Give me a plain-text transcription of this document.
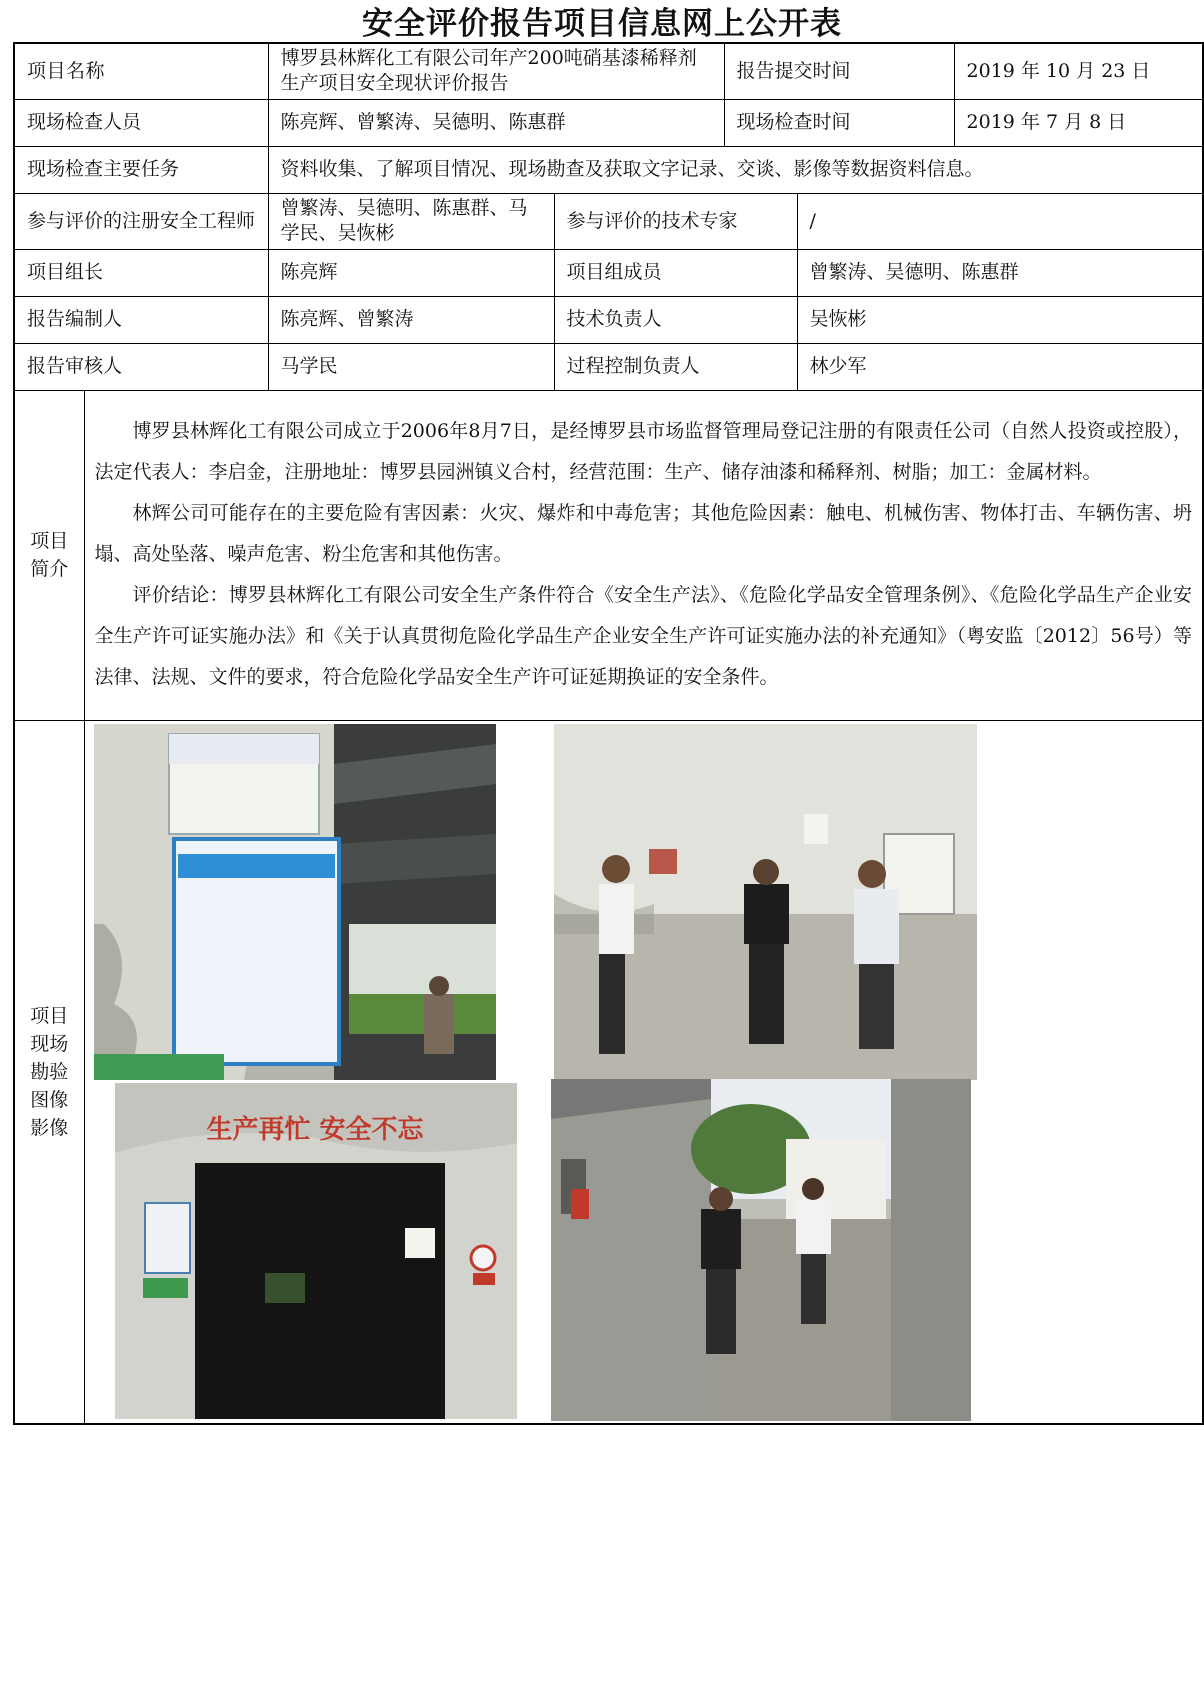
安全评价报告项目信息网上公开表
项目名称		博罗县林辉化工有限公司年产200吨硝基漆稀释剂生产项目安全现状评价报告		报告提交时间		2019 年 10 月 23 日
现场检查人员		陈亮辉、曾繁涛、吴德明、陈惠群		现场检查时间		2019 年 7 月 8 日
现场检查主要任务		资料收集、了解项目情况、现场勘查及获取文字记录、交谈、影像等数据资料信息。				
参与评价的注册安全工程师		曾繁涛、吴德明、陈惠群、马学民、吴恢彬	参与评价的技术专家		/	
项目组长		陈亮辉	项目组成员		曾繁涛、吴德明、陈惠群	
报告编制人		陈亮辉、曾繁涛	技术负责人		吴恢彬	
报告审核人		马学民	过程控制负责人		林少军	
项目简介	博罗县林辉化工有限公司成立于2006年8月7日，是经博罗县市场监督管理局登记注册的有限责任公司（自然人投资或控股），法定代表人：李启金，注册地址：博罗县园洲镇义合村，经营范围：生产、储存油漆和稀释剂、树脂；加工：金属材料。

林辉公司可能存在的主要危险有害因素：火灾、爆炸和中毒危害；其他危险因素：触电、机械伤害、物体打击、车辆伤害、坍塌、高处坠落、噪声危害、粉尘危害和其他伤害。

评价结论：博罗县林辉化工有限公司安全生产条件符合《安全生产法》、《危险化学品安全管理条例》、《危险化学品生产企业安全生产许可证实施办法》和《关于认真贯彻危险化学品生产企业安全生产许可证实施办法的补充通知》（粤安监〔2012〕56号）等法律、法规、文件的要求，符合危险化学品安全生产许可证延期换证的安全条件。					

项目现场勘验图像影像	生产再忙 安全不忘					
